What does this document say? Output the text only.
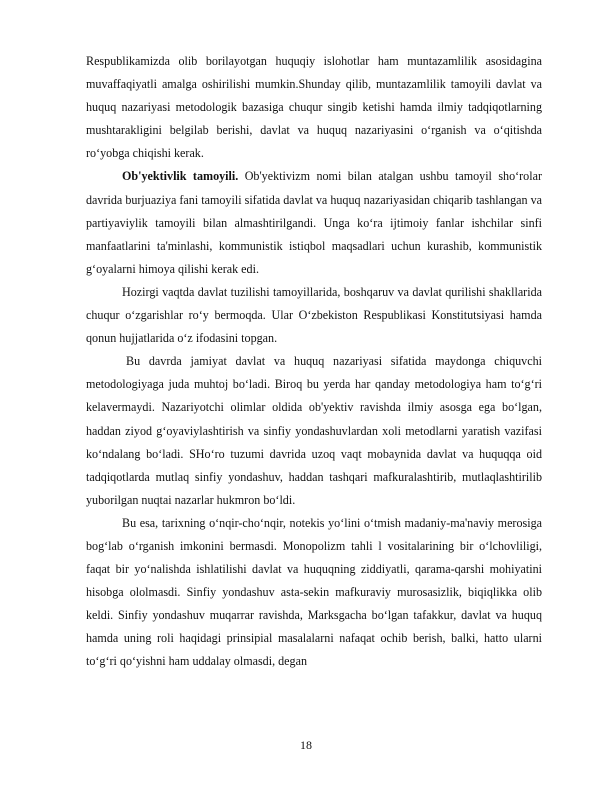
Respublikamizda olib borilayotgan huquqiy islohotlar ham muntazamlilik asosidagina muvaffaqiyatli amalga oshirilishi mumkin.Shunday qilib, muntazamlilik tamoyili davlat va huquq nazariyasi metodologik bazasiga chuqur singib ketishi hamda ilmiy tadqiqotlarning mushtarakligini belgilab berishi, davlat va huquq nazariyasini o‘rganish va o‘qitishda ro‘yobga chiqishi kerak.

Ob'yektivlik tamoyili. Ob'yektivizm nomi bilan atalgan ushbu tamoyil sho‘rolar davrida burjuaziya fani tamoyili sifatida davlat va huquq nazariyasidan chiqarib tashlangan va partiyaviylik tamoyili bilan almashtirilgandi. Unga ko‘ra ijtimoiy fanlar ishchilar sinfi manfaatlarini ta'minlashi, kommunistik istiqbol maqsadlari uchun kurashib, kommunistik g‘oyalarni himoya qilishi kerak edi.

Hozirgi vaqtda davlat tuzilishi tamoyillarida, boshqaruv va davlat qurilishi shakllarida chuqur o‘zgarishlar ro‘y bermoqda. Ular O‘zbekiston Respublikasi Konstitutsiyasi hamda qonun hujjatlarida o‘z ifodasini topgan.

Bu davrda jamiyat davlat va huquq nazariyasi sifatida maydonga chiquvchi metodologiyaga juda muhtoj bo‘ladi. Biroq bu yerda har qanday metodologiya ham to‘g‘ri kelavermaydi. Nazariyotchi olimlar oldida ob'yektiv ravishda ilmiy asosga ega bo‘lgan, haddan ziyod g‘oyaviylashtirish va sinfiy yondashuvlardan xoli metodlarni yaratish vazifasi ko‘ndalang bo‘ladi. SHo‘ro tuzumi davrida uzoq vaqt mobaynida davlat va huquqqa oid tadqiqotlarda mutlaq sinfiy yondashuv, haddan tashqari mafkuralashtirib, mutlaqlashtirilib yuborilgan nuqtai nazarlar hukmron bo‘ldi.

Bu esa, tarixning o‘nqir-cho‘nqir, notekis yo‘lini o‘tmish madaniy-ma'naviy merosiga bog‘lab o‘rganish imkonini bermasdi. Monopolizm tahli l vositalarining bir o‘lchovliligi, faqat bir yo‘nalishda ishlatilishi davlat va huquqning ziddiyatli, qarama-qarshi mohiyatini hisobga ololmasdi. Sinfiy yondashuv asta-sekin mafkuraviy murosasizlik, biqiqlikka olib keldi. Sinfiy yondashuv muqarrar ravishda, Marksgacha bo‘lgan tafakkur, davlat va huquq hamda uning roli haqidagi prinsipial masalalarni nafaqat ochib berish, balki, hatto ularni to‘g‘ri qo‘yishni ham uddalay olmasdi, degan

18
